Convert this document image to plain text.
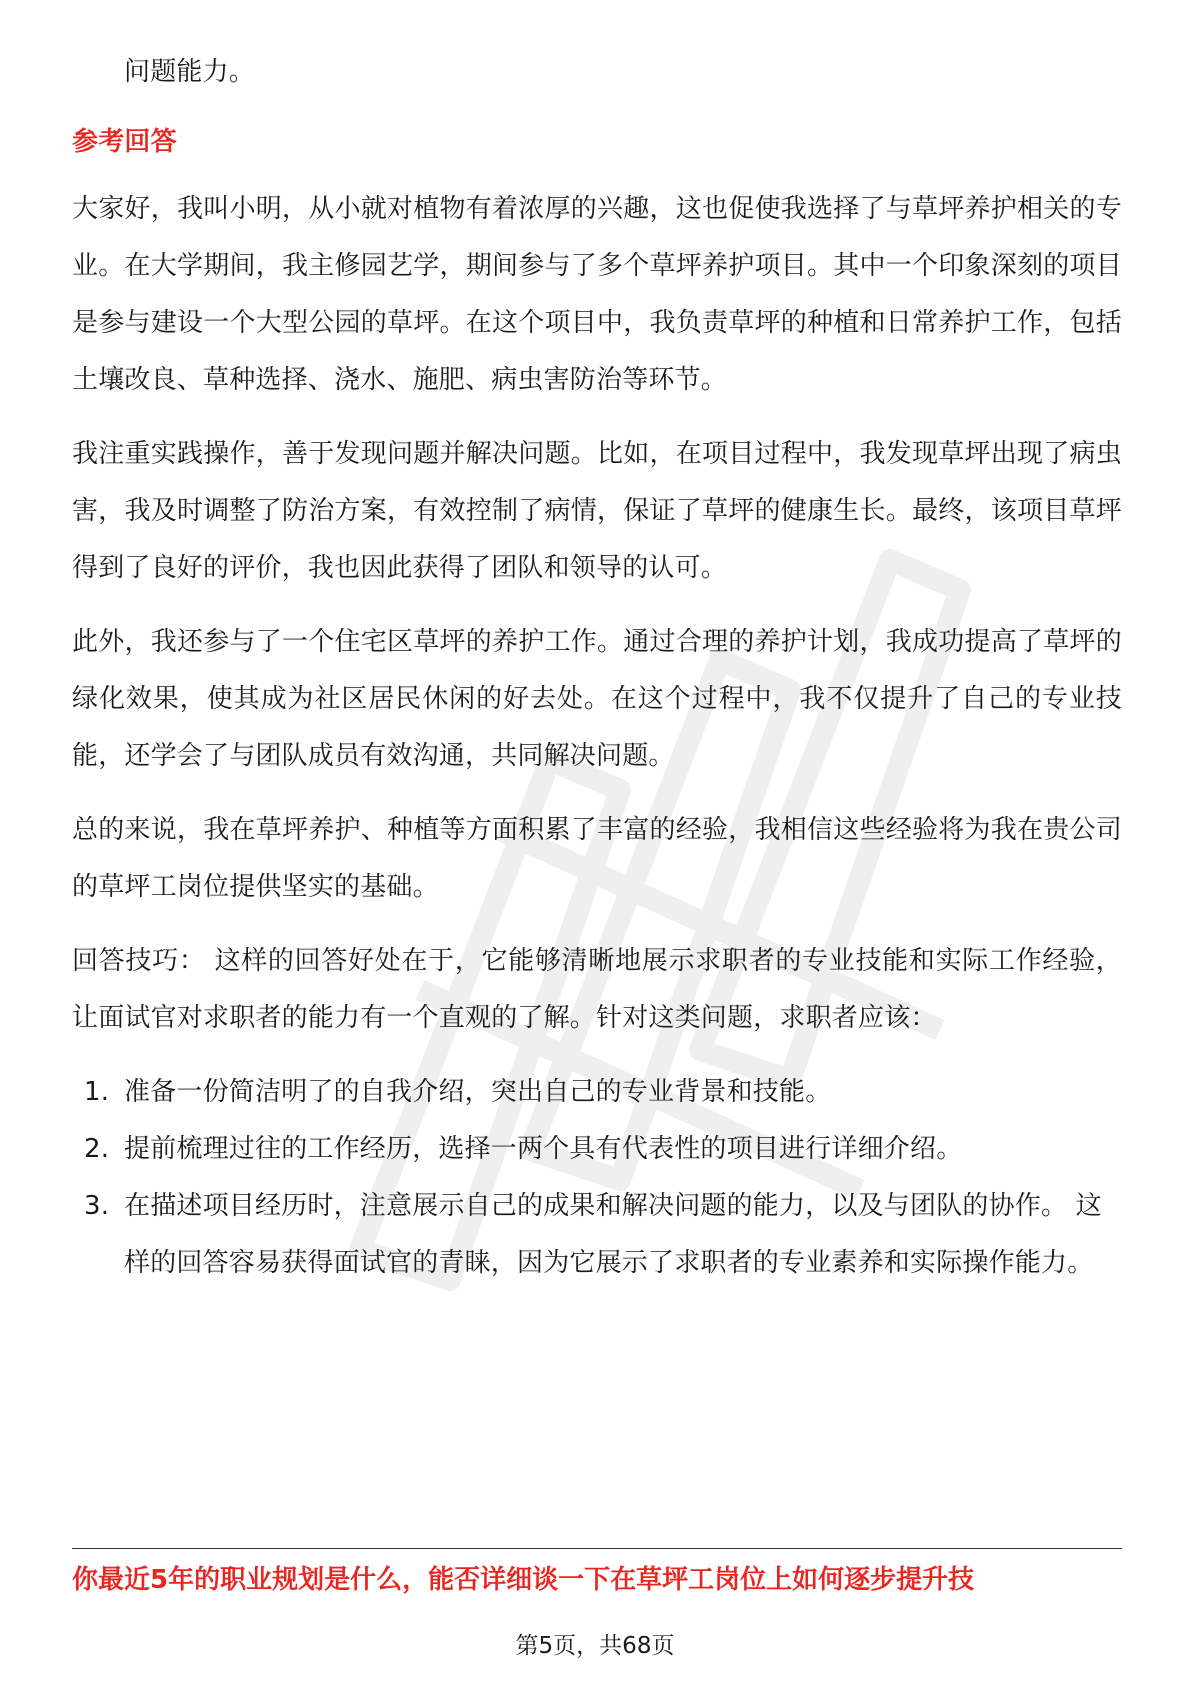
问题能力。

参考回答

大家好，我叫小明，从小就对植物有着浓厚的兴趣，这也促使我选择了与草坪养护相关的专业。在大学期间，我主修园艺学，期间参与了多个草坪养护项目。其中一个印象深刻的项目是参与建设一个大型公园的草坪。在这个项目中，我负责草坪的种植和日常养护工作，包括土壤改良、草种选择、浇水、施肥、病虫害防治等环节。

我注重实践操作，善于发现问题并解决问题。比如，在项目过程中，我发现草坪出现了病虫害，我及时调整了防治方案，有效控制了病情，保证了草坪的健康生长。最终，该项目草坪得到了良好的评价，我也因此获得了团队和领导的认可。

此外，我还参与了一个住宅区草坪的养护工作。通过合理的养护计划，我成功提高了草坪的绿化效果，使其成为社区居民休闲的好去处。在这个过程中，我不仅提升了自己的专业技能，还学会了与团队成员有效沟通，共同解决问题。

总的来说，我在草坪养护、种植等方面积累了丰富的经验，我相信这些经验将为我在贵公司的草坪工岗位提供坚实的基础。

回答技巧： 这样的回答好处在于，它能够清晰地展示求职者的专业技能和实际工作经验，让面试官对求职者的能力有一个直观的了解。针对这类问题，求职者应该：

1. 准备一份简洁明了的自我介绍，突出自己的专业背景和技能。
2. 提前梳理过往的工作经历，选择一两个具有代表性的项目进行详细介绍。
3. 在描述项目经历时，注意展示自己的成果和解决问题的能力，以及与团队的协作。 这样的回答容易获得面试官的青睐，因为它展示了求职者的专业素养和实际操作能力。
你最近5年的职业规划是什么，能否详细谈一下在草坪工岗位上如何逐步提升技
第5页，共68页
